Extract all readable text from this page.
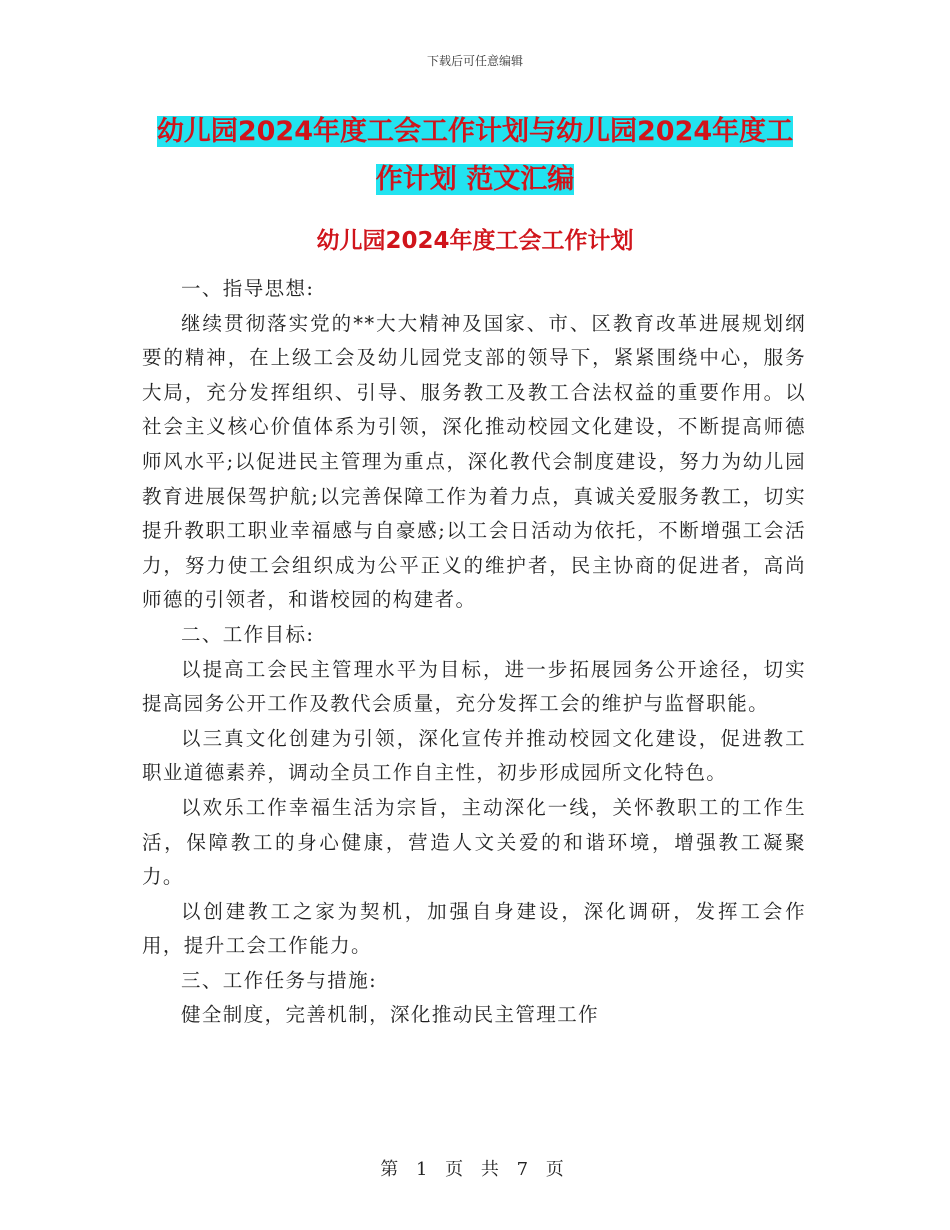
下载后可任意编辑
幼儿园2024年度工会工作计划与幼儿园2024年度工
作计划 范文汇编
幼儿园2024年度工会工作计划

一、指导思想:

继续贯彻落实党的**大大精神及国家、市、区教育改革进展规划纲要的精神，在上级工会及幼儿园党支部的领导下，紧紧围绕中心，服务大局，充分发挥组织、引导、服务教工及教工合法权益的重要作用。以社会主义核心价值体系为引领，深化推动校园文化建设，不断提高师德师风水平;以促进民主管理为重点，深化教代会制度建设，努力为幼儿园教育进展保驾护航;以完善保障工作为着力点，真诚关爱服务教工，切实提升教职工职业幸福感与自豪感;以工会日活动为依托，不断增强工会活力，努力使工会组织成为公平正义的维护者，民主协商的促进者，高尚师德的引领者，和谐校园的构建者。

二、工作目标:

以提高工会民主管理水平为目标，进一步拓展园务公开途径，切实提高园务公开工作及教代会质量，充分发挥工会的维护与监督职能。

以三真文化创建为引领，深化宣传并推动校园文化建设，促进教工职业道德素养，调动全员工作自主性，初步形成园所文化特色。

以欢乐工作幸福生活为宗旨，主动深化一线，关怀教职工的工作生活，保障教工的身心健康，营造人文关爱的和谐环境，增强教工凝聚力。

以创建教工之家为契机，加强自身建设，深化调研，发挥工会作用，提升工会工作能力。

三、工作任务与措施:

健全制度，完善机制，深化推动民主管理工作

第 1 页 共 7 页
